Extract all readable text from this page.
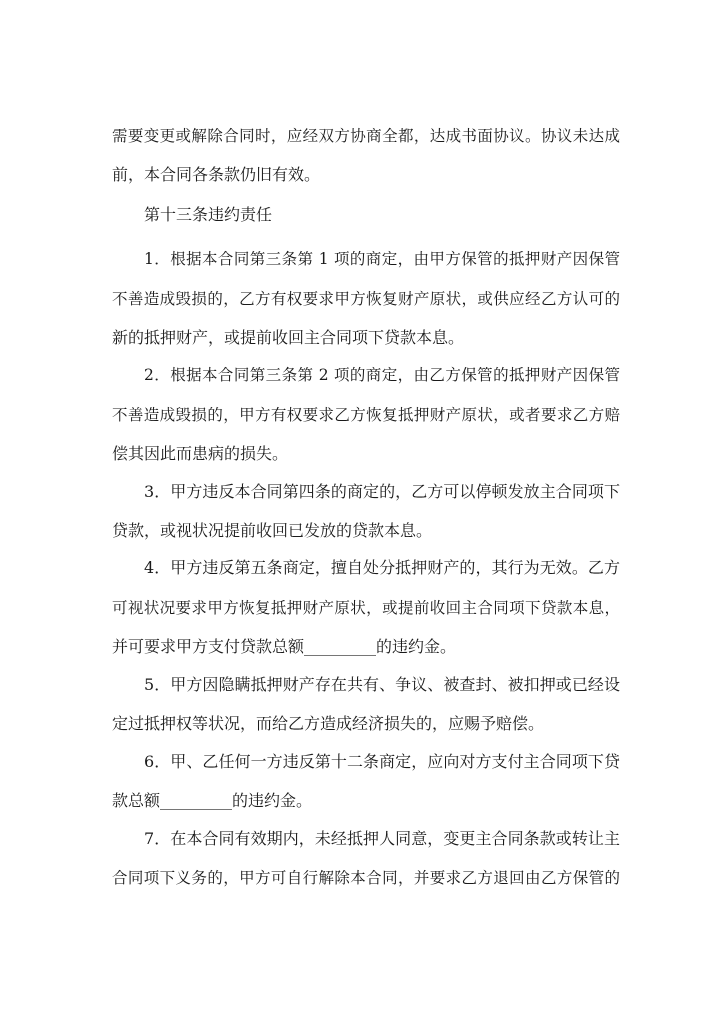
需要变更或解除合同时，应经双方协商全都，达成书面协议。协议未达成
前，本合同各条款仍旧有效。
第十三条违约责任
1．根据本合同第三条第 1 项的商定，由甲方保管的抵押财产因保管
不善造成毁损的，乙方有权要求甲方恢复财产原状，或供应经乙方认可的
新的抵押财产，或提前收回主合同项下贷款本息。
2．根据本合同第三条第 2 项的商定，由乙方保管的抵押财产因保管
不善造成毁损的，甲方有权要求乙方恢复抵押财产原状，或者要求乙方赔
偿其因此而患病的损失。
3．甲方违反本合同第四条的商定的，乙方可以停顿发放主合同项下
贷款，或视状况提前收回已发放的贷款本息。
4．甲方违反第五条商定，擅自处分抵押财产的，其行为无效。乙方
可视状况要求甲方恢复抵押财产原状，或提前收回主合同项下贷款本息，
并可要求甲方支付贷款总额_________的违约金。
5．甲方因隐瞒抵押财产存在共有、争议、被查封、被扣押或已经设
定过抵押权等状况，而给乙方造成经济损失的，应赐予赔偿。
6．甲、乙任何一方违反第十二条商定，应向对方支付主合同项下贷
款总额_________的违约金。
7．在本合同有效期内，未经抵押人同意，变更主合同条款或转让主
合同项下义务的，甲方可自行解除本合同，并要求乙方退回由乙方保管的
